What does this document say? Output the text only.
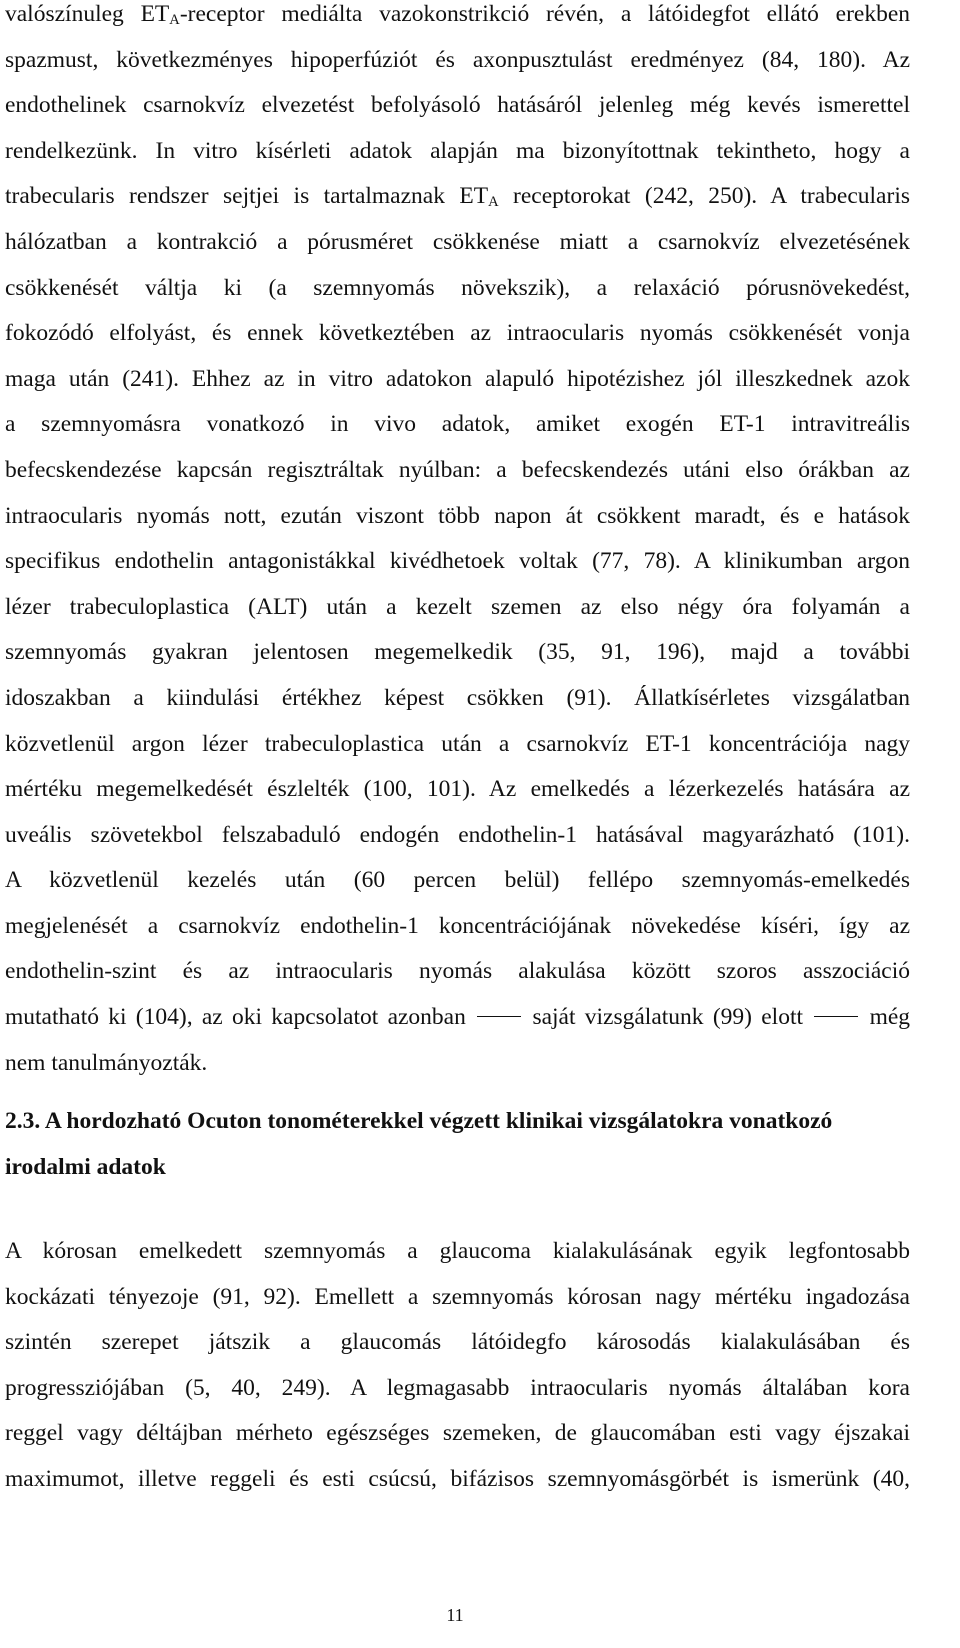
valószínuleg $ET_A$-receptor mediálta vazokonstrikció révén, a látóidegfot ellátó erekben
spazmust, következményes hipoperfúziót és axonpusztulást eredményez (84, 180). Az
endothelinek csarnokvíz elvezetést befolyásoló hatásáról jelenleg még kevés ismerettel
rendelkezünk. In vitro kísérleti adatok alapján ma bizonyítottnak tekintheto, hogy a
trabecularis rendszer sejtjei is tartalmaznak $ET_A$ receptorokat (242, 250). A trabecularis
hálózatban a kontrakció a pórusméret csökkenése miatt a csarnokvíz elvezetésének
csökkenését váltja ki (a szemnyomás növekszik), a relaxáció pórusnövekedést,
fokozódó elfolyást, és ennek következtében az intraocularis nyomás csökkenését vonja
maga után (241). Ehhez az in vitro adatokon alapuló hipotézishez jól illeszkednek azok
a szemnyomásra vonatkozó in vivo adatok, amiket exogén ET-1 intravitreális
befecskendezése kapcsán regisztráltak nyúlban: a befecskendezés utáni elso órákban az
intraocularis nyomás nott, ezután viszont több napon át csökkent maradt, és e hatások
specifikus endothelin antagonistákkal kivédhetoek voltak (77, 78). A klinikumban argon
lézer trabeculoplastica (ALT) után a kezelt szemen az elso négy óra folyamán a
szemnyomás gyakran jelentosen megemelkedik (35, 91, 196), majd a további
idoszakban a kiindulási értékhez képest csökken (91). Állatkísérletes vizsgálatban
közvetlenül argon lézer trabeculoplastica után a csarnokvíz ET-1 koncentrációja nagy
mértéku megemelkedését észlelték (100, 101). Az emelkedés a lézerkezelés hatására az
uveális szövetekbol felszabaduló endogén endothelin-1 hatásával magyarázható (101).
A közvetlenül kezelés után (60 percen belül) fellépo szemnyomás-emelkedés
megjelenését a csarnokvíz endothelin-1 koncentrációjának növekedése kíséri, így az
endothelin-szint és az intraocularis nyomás alakulása között szoros asszociáció
mutatható ki (104), az oki kapcsolatot azonban	saját vizsgálatunk (99) elott	még
nem tanulmányozták.
2.3. A hordozható Ocuton tonométerekkel végzett klinikai vizsgálatokra vonatkozó
irodalmi adatok
A kórosan emelkedett szemnyomás a glaucoma kialakulásának egyik legfontosabb
kockázati tényezoje (91, 92). Emellett a szemnyomás kórosan nagy mértéku ingadozása
szintén szerepet játszik a glaucomás látóidegfo károsodás kialakulásában és
progressziójában (5, 40, 249). A legmagasabb intraocularis nyomás általában kora
reggel vagy déltájban mérheto egészséges szemeken, de glaucomában esti vagy éjszakai
maximumot, illetve reggeli és esti csúcsú, bifázisos szemnyomásgörbét is ismerünk (40,
11
